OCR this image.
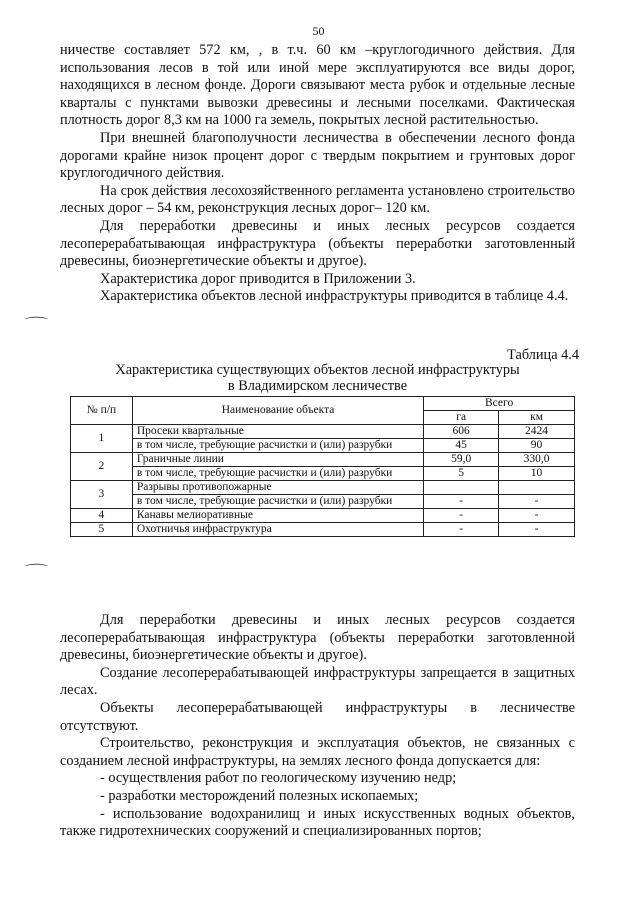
50

ничестве составляет 572 км, , в т.ч. 60 км –круглогодичного действия. Для использования лесов в той или иной мере эксплуатируются все виды дорог, находящихся в лесном фонде. Дороги связывают места рубок и отдельные лесные кварталы с пунктами вывозки древесины и лесными поселками. Фактическая плотность дорог 8,3 км на 1000 га земель, покрытых лесной растительностью.

При внешней благополучности лесничества в обеспечении лесного фонда дорогами крайне низок процент дорог с твердым покрытием и грунтовых дорог круглогодичного действия.

На срок действия лесохозяйственного регламента установлено строительство лесных дорог – 54 км, реконструкция лесных дорог– 120 км.

Для переработки древесины и иных лесных ресурсов создается лесоперерабатывающая инфраструктура (объекты переработки заготовленный древесины, биоэнергетические объекты и другое).

Характеристика дорог приводится в Приложении 3.

Характеристика объектов лесной инфраструктуры приводится в таблице 4.4.

⌒
⌒
Таблица 4.4
Характеристика существующих объектов лесной инфраструктуры
в Владимирском лесничестве
№ п/п	Наименование объекта	Всего	
		га	км
1	Просеки квартальные	606	2424
	в том числе, требующие расчистки и (или) разрубки	45	90
2	Граничные линии	59,0	330,0
	в том числе, требующие расчистки и (или) разрубки	5	10
3	Разрывы противопожарные		
	в том числе, требующие расчистки и (или) разрубки	-	-
4	Канавы мелиоративные	-	-
5	Охотничья инфраструктура	-	-

Для переработки древесины и иных лесных ресурсов создается лесоперерабатывающая инфраструктура (объекты переработки заготовленной древесины, биоэнергетические объекты и другое).

Создание лесоперерабатывающей инфраструктуры запрещается в защитных лесах.

Объекты лесоперерабатывающей инфраструктуры в лесничестве отсутствуют.

Строительство, реконструкция и эксплуатация объектов, не связанных с созданием лесной инфраструктуры, на землях лесного фонда допускается для:

- осуществления работ по геологическому изучению недр;

- разработки месторождений полезных ископаемых;

- использование водохранилищ и иных искусственных водных объектов, также гидротехнических сооружений и специализированных портов;
